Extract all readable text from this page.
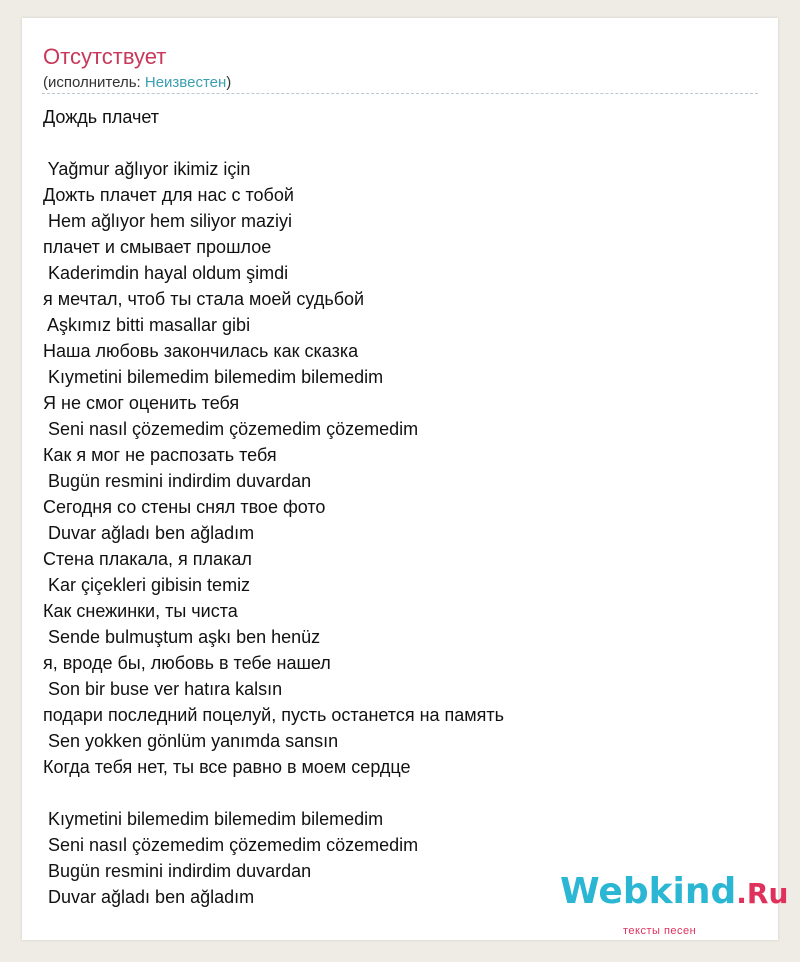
Отсутствует
(исполнитель: Неизвестен)
Дождь плачет
Yağmur ağlıyor ikimiz için
Дожть плачет для нас с тобой
Hem ağlıyor hem siliyor maziyi
плачет и смывает прошлое
Kaderimdin hayal oldum şimdi
я мечтал, чтоб ты стала моей судьбой
Aşkımız bitti masallar gibi
Наша любовь закончилась как сказка
Kıymetini bilemedim bilemedim bilemedim
Я не смог оценить тебя
Seni nasıl çözemedim çözemedim çözemedim
Как я мог не распозать тебя
Bugün resmini indirdim duvardan
Сегодня со стены снял твое фото
Duvar ağladı ben ağladım
Стена плакала, я плакал
Kar çiçekleri gibisin temiz
Как снежинки, ты чиста
Sende bulmuştum aşkı ben henüz
я, вроде бы, любовь в тебе нашел
Son bir buse ver hatıra kalsın
подари последний поцелуй, пусть останется на память
Sen yokken gönlüm yanımda sansın
Когда тебя нет, ты все равно в моем сердце
Kıymetini bilemedim bilemedim bilemedim
Seni nasıl çözemedim çözemedim cözemedim
Bugün resmini indirdim duvardan
Duvar ağladı ben ağladım	Webkind.Ru
тексты песен
